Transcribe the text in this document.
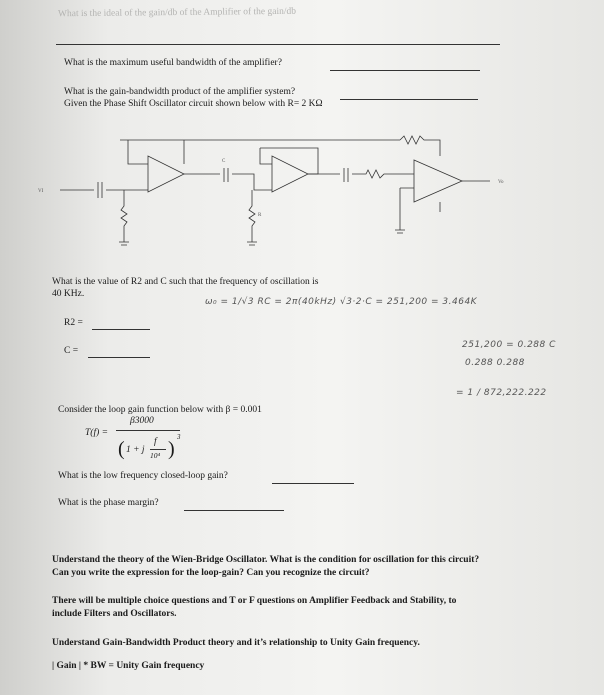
What is the ideal of the gain/db of the Amplifier of the gain/db
What is the maximum useful bandwidth of the amplifier?
What is the gain-bandwidth product of the amplifier system?
Given the Phase Shift Oscillator circuit shown below with R= 2 KΩ
VI
Vo
R
C
What is the value of R2 and C such that the frequency of oscillation is
40 KHz.
ω₀ = 1/√3 RC = 2π(40kHz) √3·2·C = 251,200 = 3.464K
R2 =
C =
251,200 = 0.288 C
0.288 0.288
= 1 / 872,222.222
Consider the loop gain function below with β = 0.001
T(f) =
β3000
( 1 + j
f
10⁴ )
3
What is the low frequency closed-loop gain?
What is the phase margin?
Understand the theory of the Wien-Bridge Oscillator. What is the condition for oscillation for this circuit?
Can you write the expression for the loop-gain? Can you recognize the circuit?
There will be multiple choice questions and T or F questions on Amplifier Feedback and Stability, to
include Filters and Oscillators.
Understand Gain-Bandwidth Product theory and it’s relationship to Unity Gain frequency.
| Gain | * BW = Unity Gain frequency
